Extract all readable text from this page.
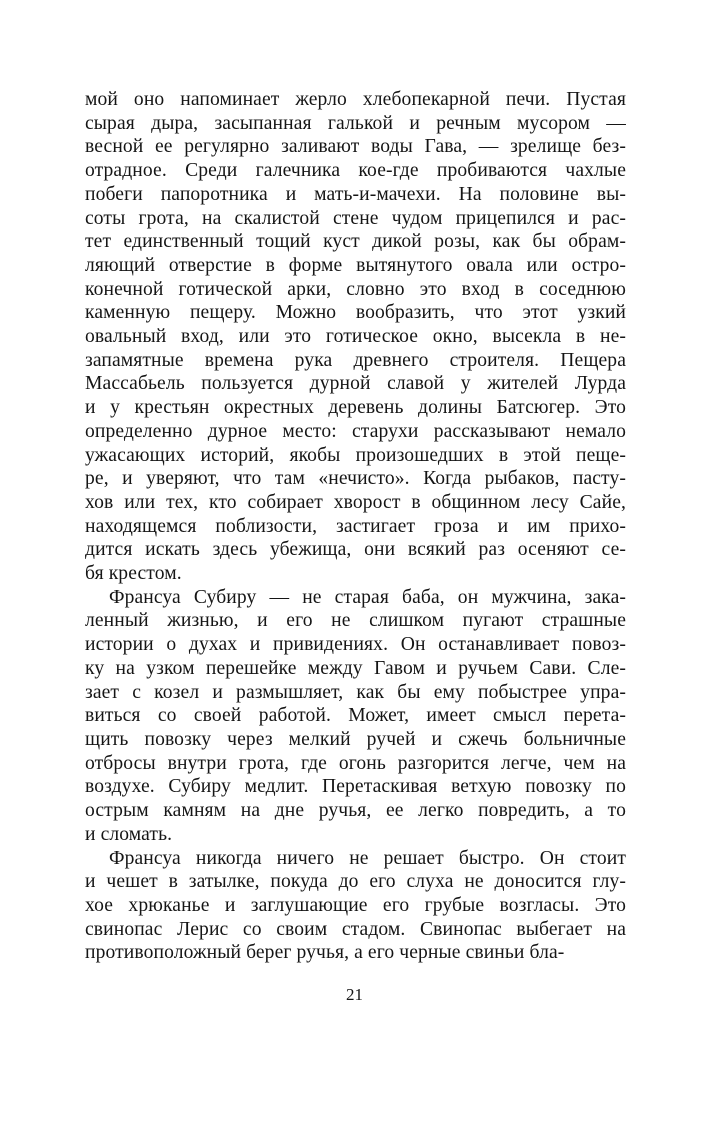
мой оно напоминает жерло хлебопекарной печи. Пустая
сырая дыра, засыпанная галькой и речным мусором —
весной ее регулярно заливают воды Гава, — зрелище без-
отрадное. Среди галечника кое-где пробиваются чахлые
побеги папоротника и мать-и-мачехи. На половине вы-
соты грота, на скалистой стене чудом прицепился и рас-
тет единственный тощий куст дикой розы, как бы обрам-
ляющий отверстие в форме вытянутого овала или остро-
конечной готической арки, словно это вход в соседнюю
каменную пещеру. Можно вообразить, что этот узкий
овальный вход, или это готическое окно, высекла в не-
запамятные времена рука древнего строителя. Пещера
Массабьель пользуется дурной славой у жителей Лурда
и у крестьян окрестных деревень долины Батсюгер. Это
определенно дурное место: старухи рассказывают немало
ужасающих историй, якобы произошедших в этой пеще-
ре, и уверяют, что там «нечисто». Когда рыбаков, пасту-
хов или тех, кто собирает хворост в общинном лесу Сайе,
находящемся поблизости, застигает гроза и им прихо-
дится искать здесь убежища, они всякий раз осеняют се-
бя крестом.
Франсуа Субиру — не старая баба, он мужчина, зака-
ленный жизнью, и его не слишком пугают страшные
истории о духах и привидениях. Он останавливает повоз-
ку на узком перешейке между Гавом и ручьем Сави. Сле-
зает с козел и размышляет, как бы ему побыстрее упра-
виться со своей работой. Может, имеет смысл перета-
щить повозку через мелкий ручей и сжечь больничные
отбросы внутри грота, где огонь разгорится легче, чем на
воздухе. Субиру медлит. Перетаскивая ветхую повозку по
острым камням на дне ручья, ее легко повредить, а то
и сломать.
Франсуа никогда ничего не решает быстро. Он стоит
и чешет в затылке, покуда до его слуха не доносится глу-
хое хрюканье и заглушающие его грубые возгласы. Это
свинопас Лерис со своим стадом. Свинопас выбегает на
противоположный берег ручья, а его черные свиньи бла-
21
